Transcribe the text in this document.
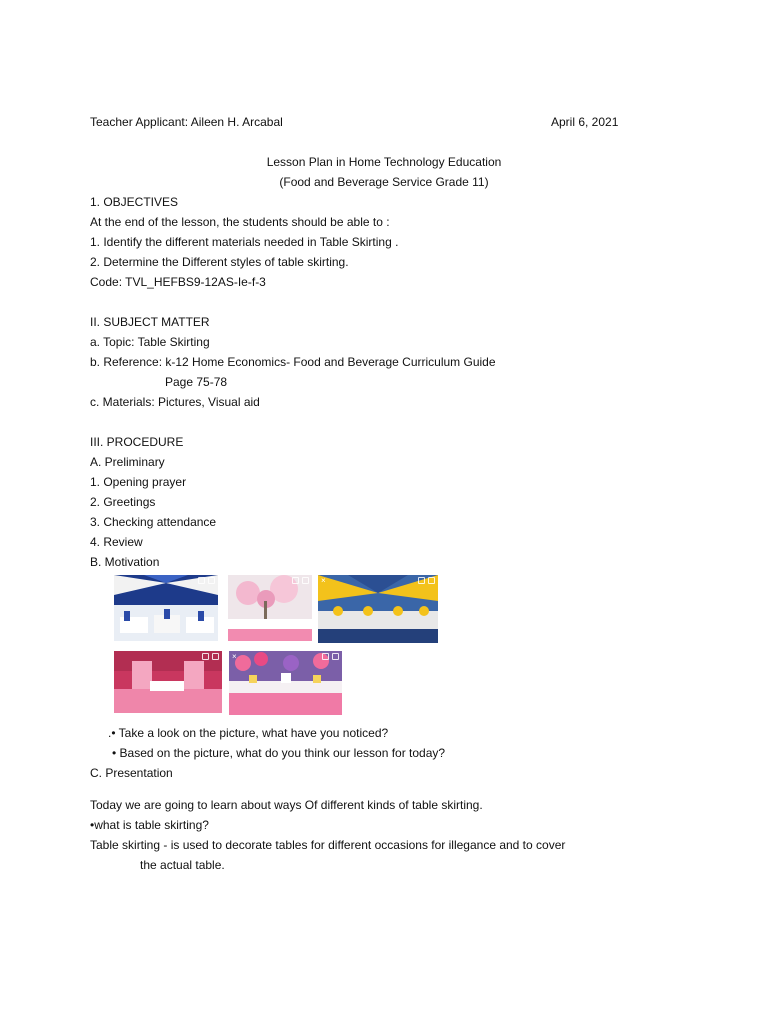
Teacher Applicant: Aileen H. Arcabal	April 6, 2021
Lesson Plan in Home Technology Education
(Food and Beverage Service Grade 11)
1. OBJECTIVES
At the end of the lesson, the students should be able to :
1. Identify the different materials needed in Table Skirting .
2. Determine the Different styles of table skirting.
Code: TVL_HEFBS9-12AS-Ie-f-3
II. SUBJECT MATTER
a. Topic: Table Skirting
b. Reference: k-12 Home Economics- Food and Beverage Curriculum Guide
Page 75-78
c. Materials: Pictures, Visual aid
III. PROCEDURE
A. Preliminary
1. Opening prayer
2. Greetings
3. Checking attendance
4. Review
B. Motivation
×
×
.• Take a look on the picture, what have you noticed?
• Based on the picture, what do you think our lesson for today?
C. Presentation
Today we are going to learn about ways Of different kinds of table skirting.
•what is table skirting?
Table skirting - is used to decorate tables for different occasions for illegance and to cover
the actual table.
